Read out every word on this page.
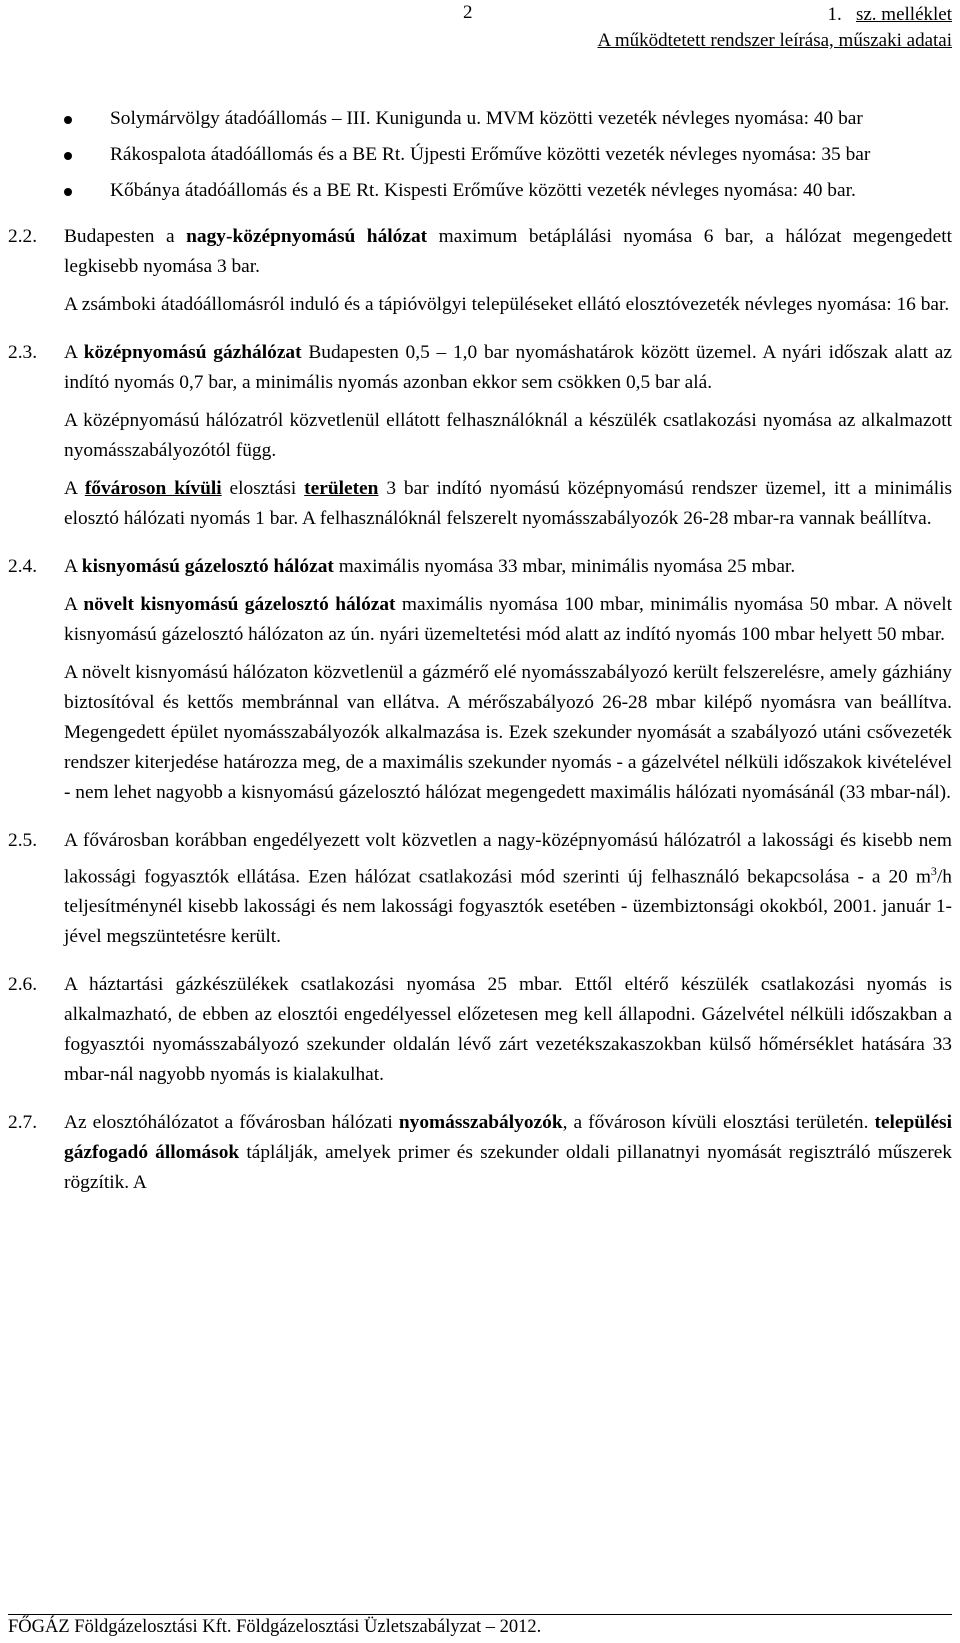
2	1. sz. melléklet
A működtetett rendszer leírása, műszaki adatai
Solymárvölgy átadóállomás – III. Kunigunda u. MVM közötti vezeték névleges nyomása: 40 bar
Rákospalota átadóállomás és a BE Rt. Újpesti Erőműve közötti vezeték névleges nyomása: 35 bar
Kőbánya átadóállomás és a BE Rt. Kispesti Erőműve közötti vezeték névleges nyomása: 40 bar.
2.2. Budapesten a nagy-középnyomású hálózat maximum betáplálási nyomása 6 bar, a hálózat megengedett legkisebb nyomása 3 bar.

A zsámboki átadóállomásról induló és a tápióvölgyi településeket ellátó elosztóvezeték névleges nyomása: 16 bar.

2.3. A középnyomású gázhálózat Budapesten 0,5 – 1,0 bar nyomáshatárok között üzemel. A nyári időszak alatt az indító nyomás 0,7 bar, a minimális nyomás azonban ekkor sem csökken 0,5 bar alá.

A középnyomású hálózatról közvetlenül ellátott felhasználóknál a készülék csatlakozási nyomása az alkalmazott nyomásszabályozótól függ.

A fővároson kívüli elosztási területen 3 bar indító nyomású középnyomású rendszer üzemel, itt a minimális elosztó hálózati nyomás 1 bar. A felhasználóknál felszerelt nyomásszabályozók 26-28 mbar-ra vannak beállítva.

2.4. A kisnyomású gázelosztó hálózat maximális nyomása 33 mbar, minimális nyomása 25 mbar.

A növelt kisnyomású gázelosztó hálózat maximális nyomása 100 mbar, minimális nyomása 50 mbar. A növelt kisnyomású gázelosztó hálózaton az ún. nyári üzemeltetési mód alatt az indító nyomás 100 mbar helyett 50 mbar.

A növelt kisnyomású hálózaton közvetlenül a gázmérő elé nyomásszabályozó került felszerelésre, amely gázhiány biztosítóval és kettős membránnal van ellátva. A mérőszabályozó 26-28 mbar kilépő nyomásra van beállítva. Megengedett épület nyomásszabályozók alkalmazása is. Ezek szekunder nyomását a szabályozó utáni csővezeték rendszer kiterjedése határozza meg, de a maximális szekunder nyomás - a gázelvétel nélküli időszakok kivételével - nem lehet nagyobb a kisnyomású gázelosztó hálózat megengedett maximális hálózati nyomásánál (33 mbar-nál).

2.5. A fővárosban korábban engedélyezett volt közvetlen a nagy-középnyomású hálózatról a lakossági és kisebb nem lakossági fogyasztók ellátása. Ezen hálózat csatlakozási mód szerinti új felhasználó bekapcsolása - a 20 $m^3/h$ teljesítménynél kisebb lakossági és nem lakossági fogyasztók esetében - üzembiztonsági okokból, 2001. január 1-jével megszüntetésre került.

2.6. A háztartási gázkészülékek csatlakozási nyomása 25 mbar. Ettől eltérő készülék csatlakozási nyomás is alkalmazható, de ebben az elosztói engedélyessel előzetesen meg kell állapodni. Gázelvétel nélküli időszakban a fogyasztói nyomásszabályozó szekunder oldalán lévő zárt vezetékszakaszokban külső hőmérséklet hatására 33 mbar-nál nagyobb nyomás is kialakulhat.

2.7. Az elosztóhálózatot a fővárosban hálózati nyomásszabályozók, a fővároson kívüli elosztási területén. települési gázfogadó állomások táplálják, amelyek primer és szekunder oldali pillanatnyi nyomását regisztráló műszerek rögzítik. A

FŐGÁZ Földgázelosztási Kft. Földgázelosztási Üzletszabályzat – 2012.
